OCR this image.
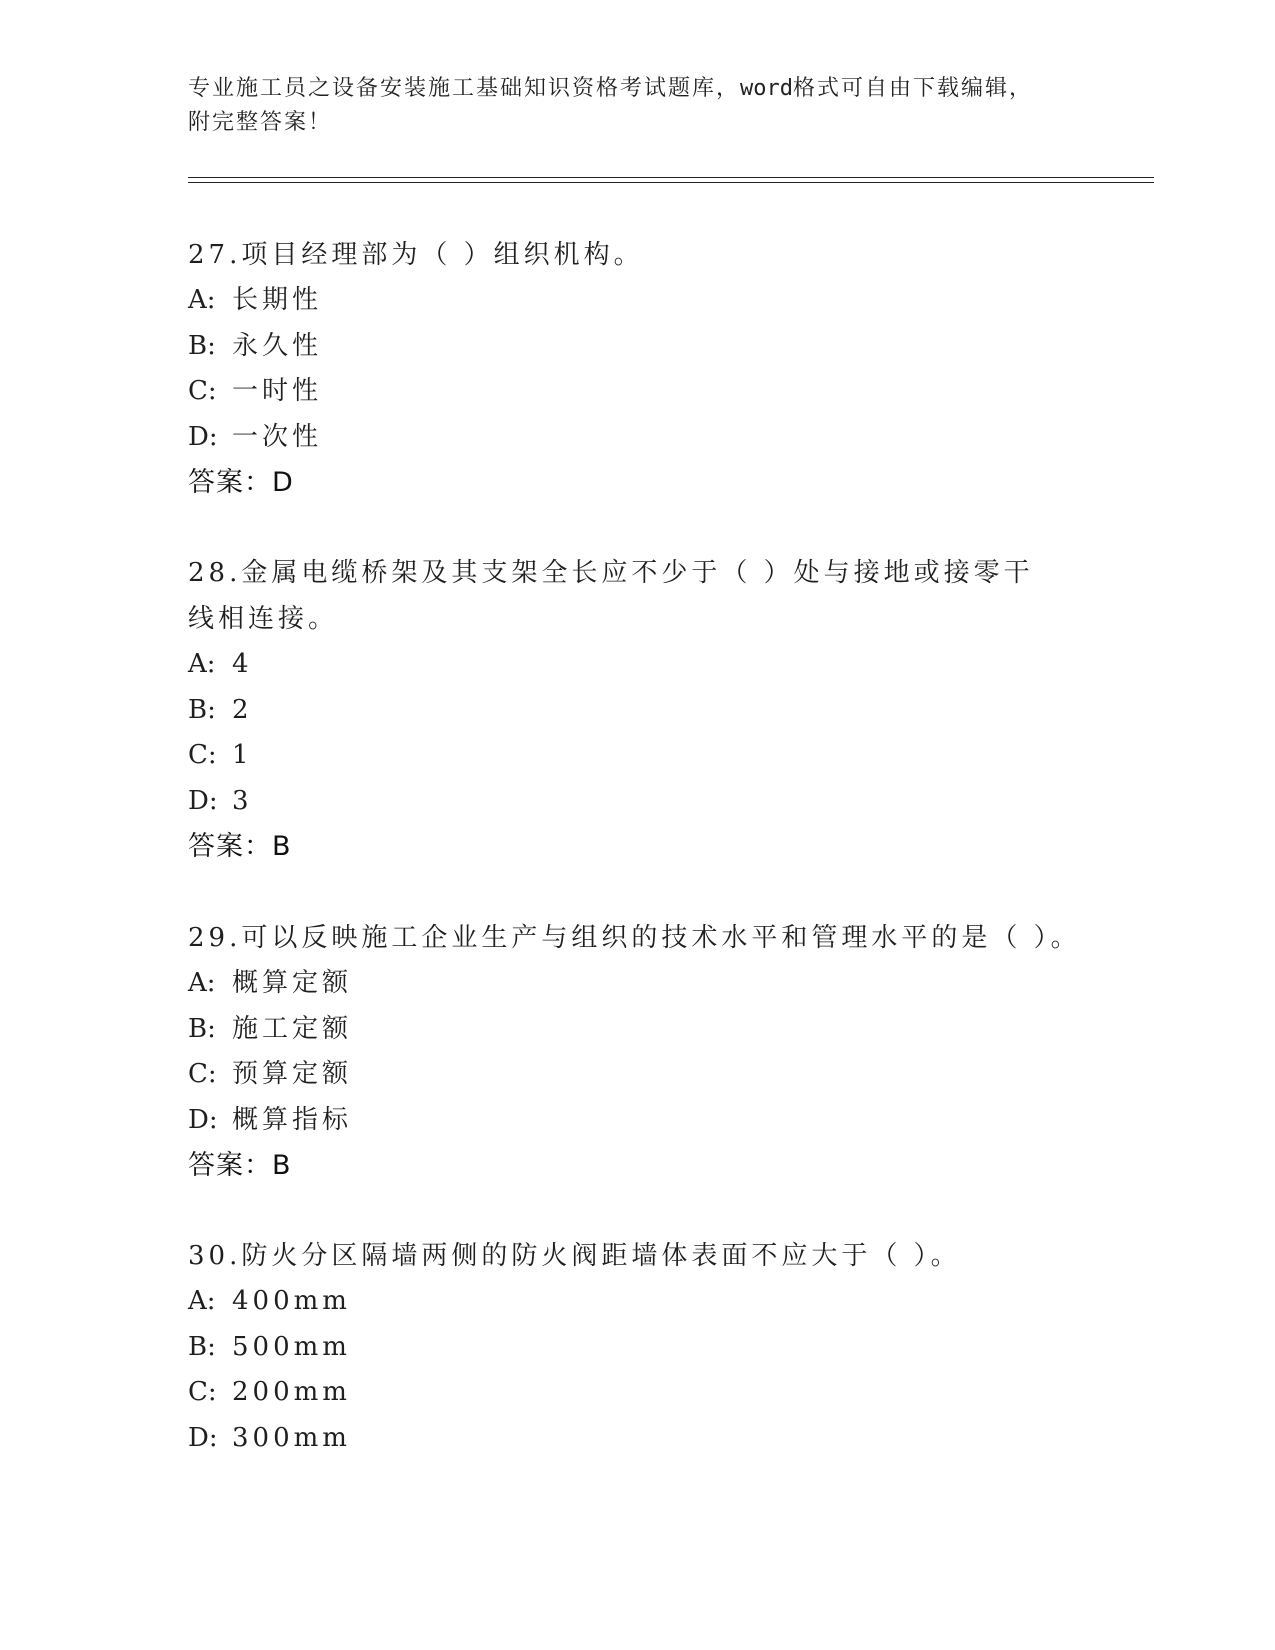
专业施工员之设备安装施工基础知识资格考试题库，word格式可自由下载编辑，
附完整答案！

27.项目经理部为（ ）组织机构。

A: 长期性
B: 永久性
C: 一时性
D: 一次性
答案：D

28.金属电缆桥架及其支架全长应不少于（ ）处与接地或接零干线相连接。

A: 4
B: 2
C: 1
D: 3
答案：B

29.可以反映施工企业生产与组织的技术水平和管理水平的是（ ）。

A: 概算定额
B: 施工定额
C: 预算定额
D: 概算指标
答案：B

30.防火分区隔墙两侧的防火阀距墙体表面不应大于（ ）。

A: 400mm
B: 500mm
C: 200mm
D: 300mm
